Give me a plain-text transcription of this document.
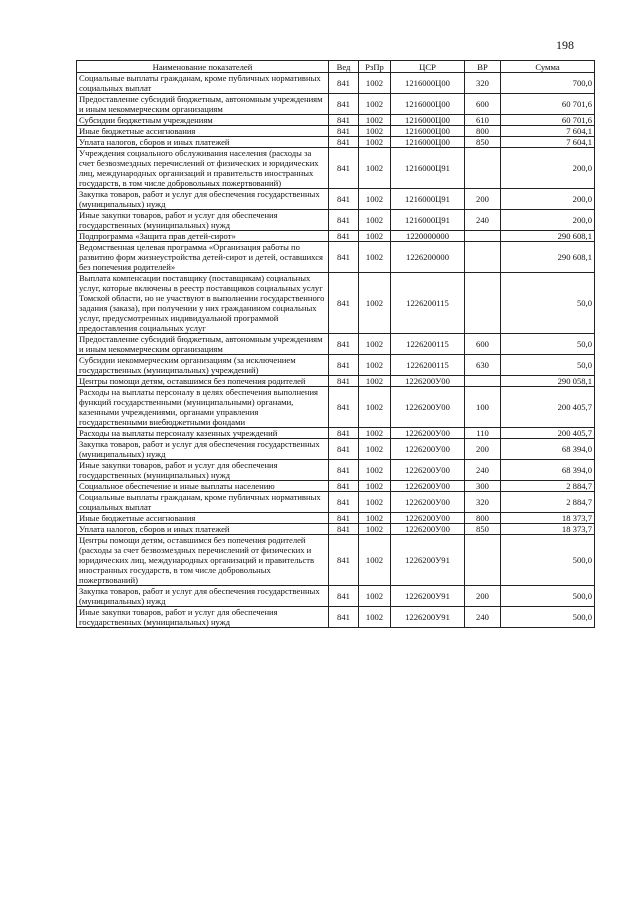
198
Наименование показателей	Вед	РзПр	ЦСР	ВР	Сумма
Социальные выплаты гражданам, кроме публичных нормативных социальных выплат	841	1002	1216000Ц00	320	700,0
Предоставление субсидий бюджетным, автономным учреждениям и иным некоммерческим организациям	841	1002	1216000Ц00	600	60 701,6
Субсидии бюджетным учреждениям	841	1002	1216000Ц00	610	60 701,6
Иные бюджетные ассигнования	841	1002	1216000Ц00	800	7 604,1
Уплата налогов, сборов и иных платежей	841	1002	1216000Ц00	850	7 604,1
Учреждения социального обслуживания населения (расходы за счет безвозмездных перечислений от физических и юридических лиц, международных организаций и правительств иностранных государств, в том числе добровольных пожертвований)	841	1002	1216000Ц91		200,0
Закупка товаров, работ и услуг для обеспечения государственных (муниципальных) нужд	841	1002	1216000Ц91	200	200,0
Иные закупки товаров, работ и услуг для обеспечения государственных (муниципальных) нужд	841	1002	1216000Ц91	240	200,0
Подпрограмма «Защита прав детей-сирот»	841	1002	1220000000		290 608,1
Ведомственная целевая программа «Организация работы по развитию форм жизнеустройства детей-сирот и детей, оставшихся без попечения родителей»	841	1002	1226200000		290 608,1
Выплата компенсации поставщику (поставщикам) социальных услуг, которые включены в реестр поставщиков социальных услуг Томской области, но не участвуют в выполнении государственного задания (заказа), при получении у них гражданином социальных услуг, предусмотренных индивидуальной программой предоставления социальных услуг	841	1002	1226200115		50,0
Предоставление субсидий бюджетным, автономным учреждениям и иным некоммерческим организациям	841	1002	1226200115	600	50,0
Субсидии некоммерческим организациям (за исключением государственных (муниципальных) учреждений)	841	1002	1226200115	630	50,0
Центры помощи детям, оставшимся без попечения родителей	841	1002	1226200У00		290 058,1
Расходы на выплаты персоналу в целях обеспечения выполнения функций государственными (муниципальными) органами, казенными учреждениями, органами управления государственными внебюджетными фондами	841	1002	1226200У00	100	200 405,7
Расходы на выплаты персоналу казенных учреждений	841	1002	1226200У00	110	200 405,7
Закупка товаров, работ и услуг для обеспечения государственных (муниципальных) нужд	841	1002	1226200У00	200	68 394,0
Иные закупки товаров, работ и услуг для обеспечения государственных (муниципальных) нужд	841	1002	1226200У00	240	68 394,0
Социальное обеспечение и иные выплаты населению	841	1002	1226200У00	300	2 884,7
Социальные выплаты гражданам, кроме публичных нормативных социальных выплат	841	1002	1226200У00	320	2 884,7
Иные бюджетные ассигнования	841	1002	1226200У00	800	18 373,7
Уплата налогов, сборов и иных платежей	841	1002	1226200У00	850	18 373,7
Центры помощи детям, оставшимся без попечения родителей (расходы за счет безвозмездных перечислений от физических и юридических лиц, международных организаций и правительств иностранных государств, в том числе добровольных пожертвований)	841	1002	1226200У91		500,0
Закупка товаров, работ и услуг для обеспечения государственных (муниципальных) нужд	841	1002	1226200У91	200	500,0
Иные закупки товаров, работ и услуг для обеспечения государственных (муниципальных) нужд	841	1002	1226200У91	240	500,0
